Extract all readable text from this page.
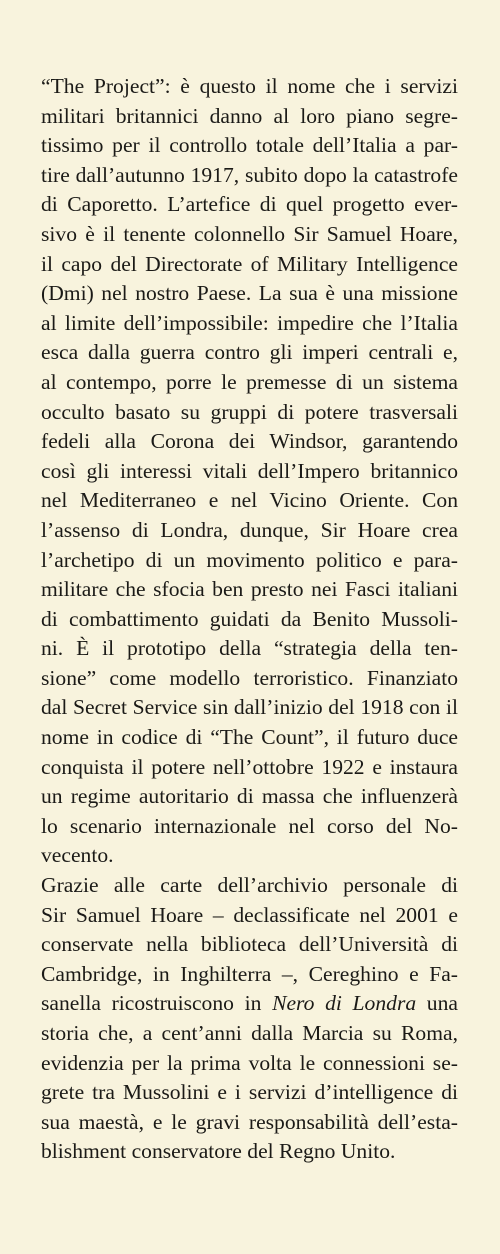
“The Project”: è questo il nome che i servizi
militari britannici danno al loro piano segre-
tissimo per il controllo totale dell’Italia a par-
tire dall’autunno 1917, subito dopo la catastrofe
di Caporetto. L’artefice di quel progetto ever-
sivo è il tenente colonnello Sir Samuel Hoare,
il capo del Directorate of Military Intelligence
(Dmi) nel nostro Paese. La sua è una missione
al limite dell’impossibile: impedire che l’Italia
esca dalla guerra contro gli imperi centrali e,
al contempo, porre le premesse di un sistema
occulto basato su gruppi di potere trasversali
fedeli alla Corona dei Windsor, garantendo
così gli interessi vitali dell’Impero britannico
nel Mediterraneo e nel Vicino Oriente. Con
l’assenso di Londra, dunque, Sir Hoare crea
l’archetipo di un movimento politico e para-
militare che sfocia ben presto nei Fasci italiani
di combattimento guidati da Benito Mussoli-
ni. È il prototipo della “strategia della ten-
sione” come modello terroristico. Finanziato
dal Secret Service sin dall’inizio del 1918 con il
nome in codice di “The Count”, il futuro duce
conquista il potere nell’ottobre 1922 e instaura
un regime autoritario di massa che influenzerà
lo scenario internazionale nel corso del No-
vecento.
Grazie alle carte dell’archivio personale di
Sir Samuel Hoare – declassificate nel 2001 e
conservate nella biblioteca dell’Università di
Cambridge, in Inghilterra –, Cereghino e Fa-
sanella ricostruiscono in Nero di Londra una
storia che, a cent’anni dalla Marcia su Roma,
evidenzia per la prima volta le connessioni se-
grete tra Mussolini e i servizi d’intelligence di
sua maestà, e le gravi responsabilità dell’esta-
blishment conservatore del Regno Unito.
